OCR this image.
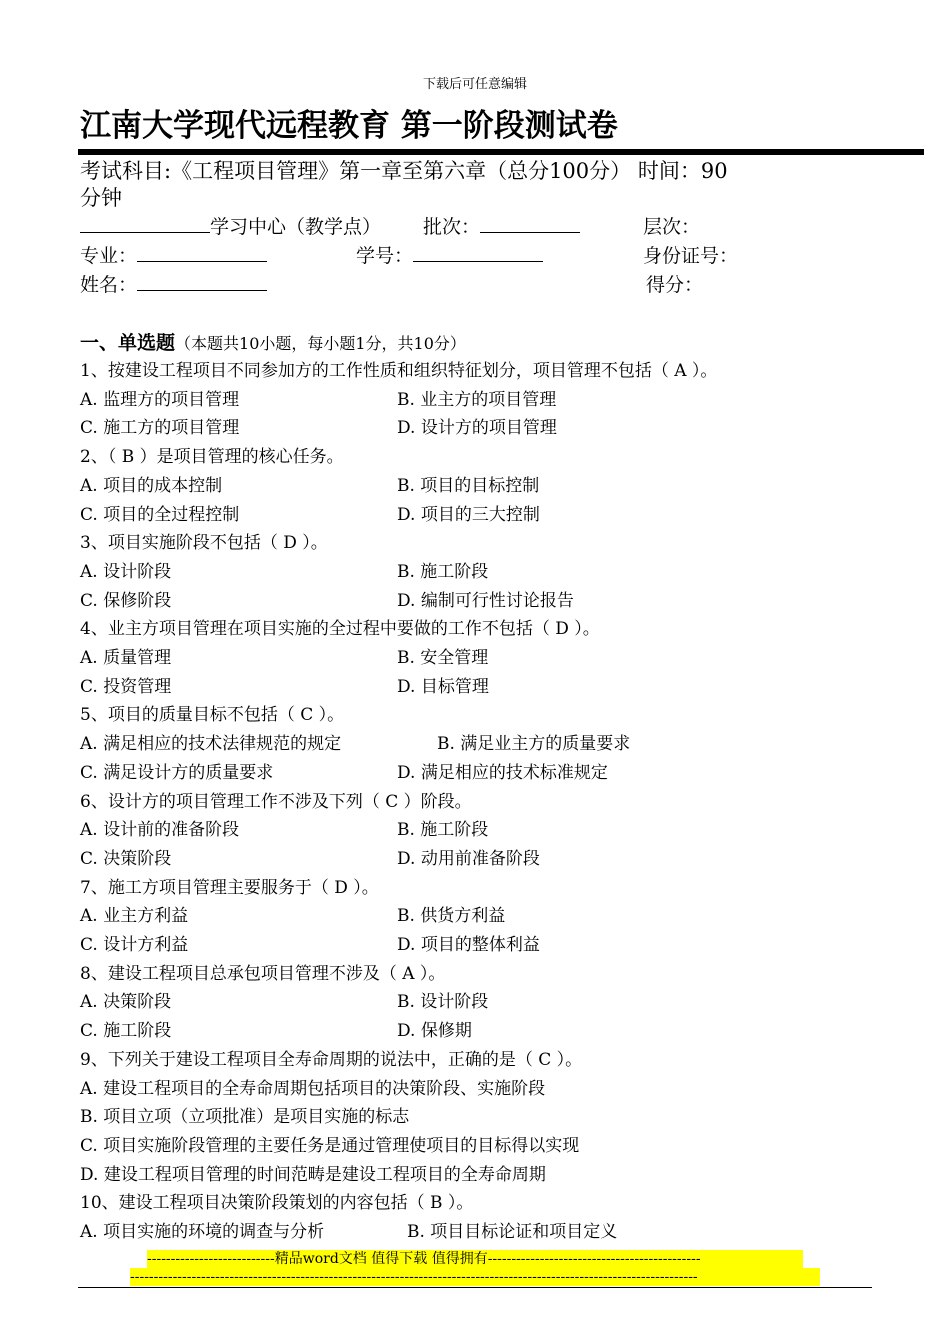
下载后可任意编辑
江南大学现代远程教育 第一阶段测试卷
考试科目:《工程项目管理》第一章至第六章（总分100分） 时间：90
分钟
学习中心（教学点） 批次：	层次：
专业：	学号：	身份证号：
姓名：	得分：
一、单选题（本题共10小题，每小题1分，共10分）
1、按建设工程项目不同参加方的工作性质和组织特征划分，项目管理不包括（ A ）。
A. 监理方的项目管理	B. 业主方的项目管理
C. 施工方的项目管理	D. 设计方的项目管理
2、（ B ）是项目管理的核心任务。
A. 项目的成本控制	B. 项目的目标控制
C. 项目的全过程控制	D. 项目的三大控制
3、项目实施阶段不包括（ D ）。
A. 设计阶段	B. 施工阶段
C. 保修阶段	D. 编制可行性讨论报告
4、业主方项目管理在项目实施的全过程中要做的工作不包括（ D ）。
A. 质量管理	B. 安全管理
C. 投资管理	D. 目标管理
5、项目的质量目标不包括（ C ）。
A. 满足相应的技术法律规范的规定	B. 满足业主方的质量要求
C. 满足设计方的质量要求	D. 满足相应的技术标准规定
6、设计方的项目管理工作不涉及下列（ C ）阶段。
A. 设计前的准备阶段	B. 施工阶段
C. 决策阶段	D. 动用前准备阶段
7、施工方项目管理主要服务于（ D ）。
A. 业主方利益	B. 供货方利益
C. 设计方利益	D. 项目的整体利益
8、建设工程项目总承包项目管理不涉及（ A ）。
A. 决策阶段	B. 设计阶段
C. 施工阶段	D. 保修期
9、下列关于建设工程项目全寿命周期的说法中，正确的是（ C ）。
A. 建设工程项目的全寿命周期包括项目的决策阶段、实施阶段
B. 项目立项（立项批准）是项目实施的标志
C. 项目实施阶段管理的主要任务是通过管理使项目的目标得以实现
D. 建设工程项目管理的时间范畴是建设工程项目的全寿命周期
10、建设工程项目决策阶段策划的内容包括（ B ）。
A. 项目实施的环境的调查与分析	B. 项目目标论证和项目定义
---------------------------精品word文档 值得下载 值得拥有---------------------------------------------
------------------------------------------------------------------------------------------------------------------------
